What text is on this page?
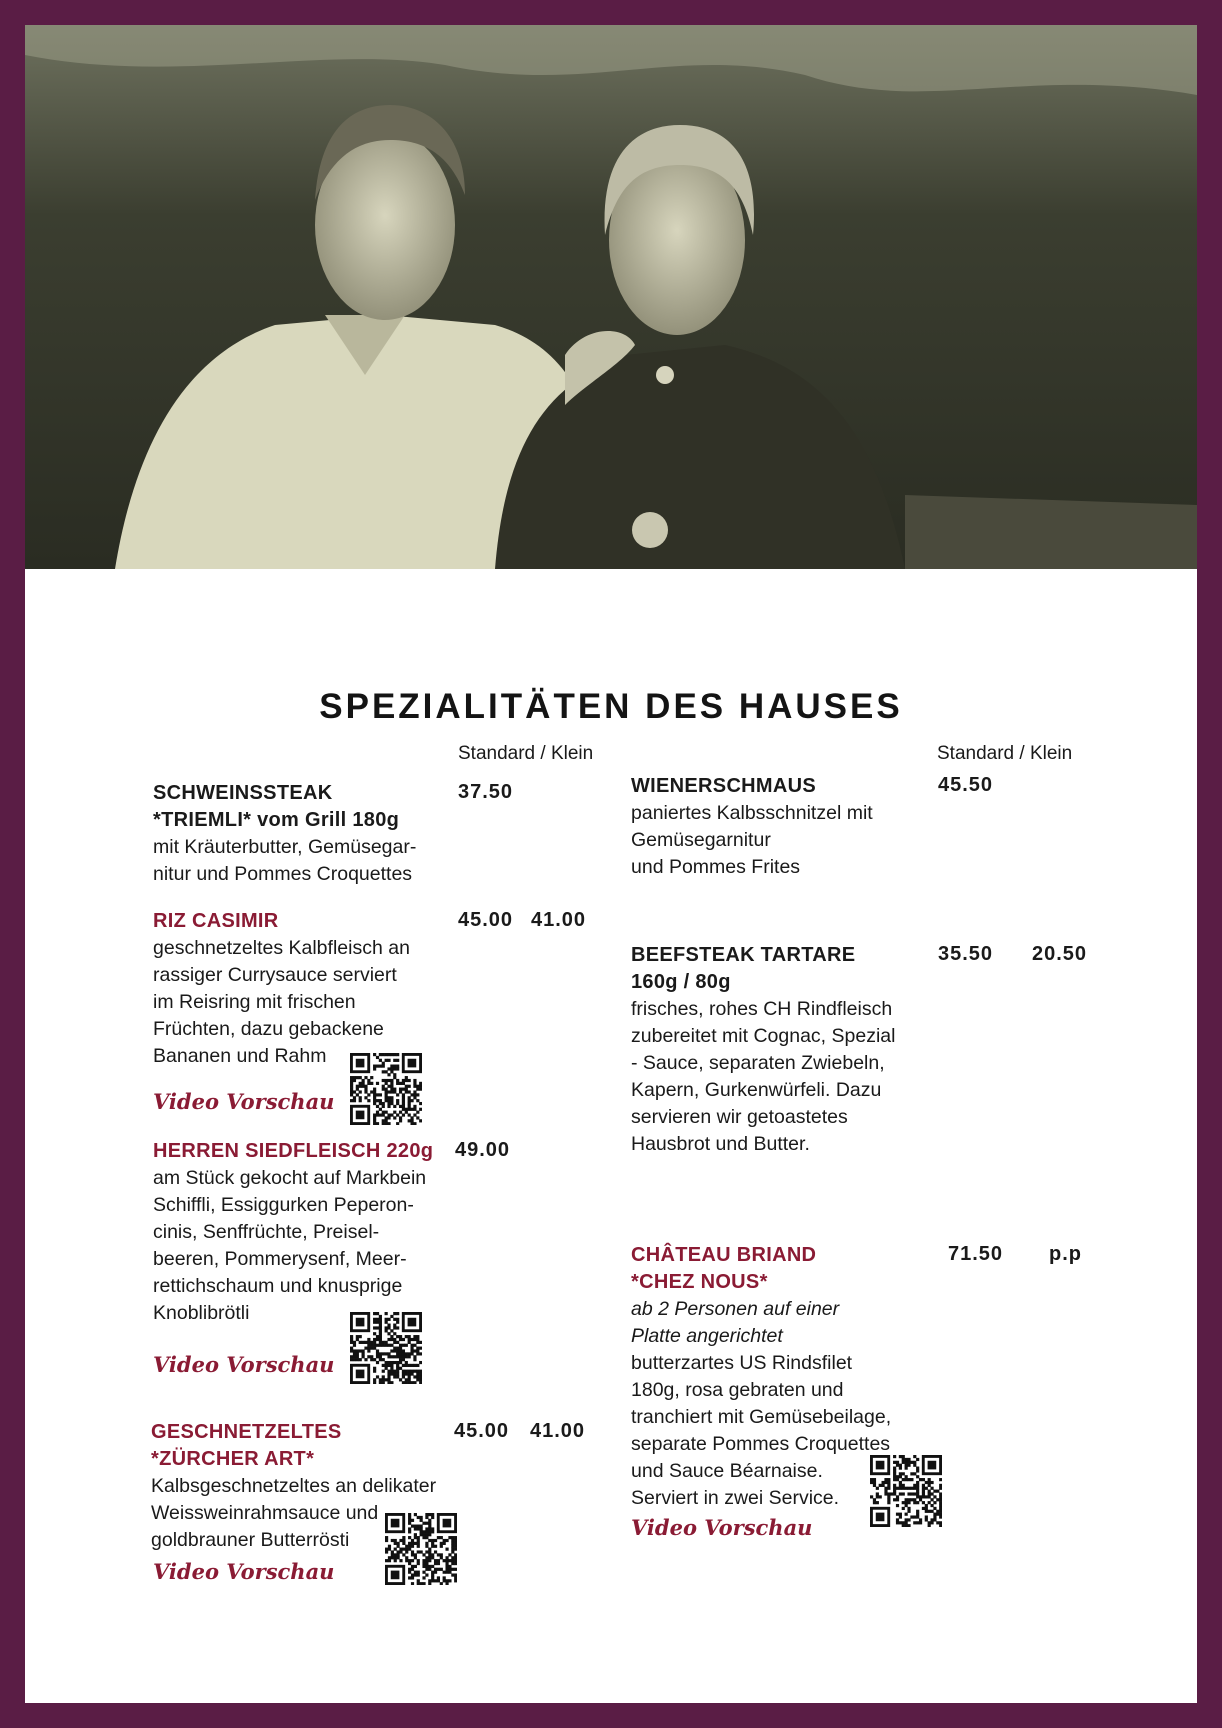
SPEZIALITÄTEN DES HAUSES
Standard / Klein	Standard / Klein
SCHWEINSSTEAK
*TRIEMLI* vom Grill 180g
37.50
mit Kräuterbutter, Gemüsegar-
nitur und Pommes Croquettes
RIZ CASIMIR	45.00 41.00
geschnetzeltes Kalbfleisch an
rassiger Currysauce serviert
im Reisring mit frischen
Früchten, dazu gebackene
Bananen und Rahm
Video Vorschau
HERREN SIEDFLEISCH 220g 49.00
am Stück gekocht auf Markbein
Schiffli, Essiggurken Peperon-
cinis, Senffrüchte, Preisel-
beeren, Pommerysenf, Meer-
rettichschaum und knusprige
Knoblibrötli
Video Vorschau
GESCHNETZELTES
*ZÜRCHER ART*
45.00 41.00
Kalbsgeschnetzeltes an delikater
Weissweinrahmsauce und
goldbrauner Butterrösti
Video Vorschau
WIENERSCHMAUS	45.50
paniertes Kalbsschnitzel mit
Gemüsegarnitur
und Pommes Frites
BEEFSTEAK TARTARE
160g / 80g
35.50 20.50
frisches, rohes CH Rindfleisch
zubereitet mit Cognac, Spezial
- Sauce, separaten Zwiebeln,
Kapern, Gurkenwürfeli. Dazu
servieren wir getoastetes
Hausbrot und Butter.
CHÂTEAU BRIAND
*CHEZ NOUS*
71.50 p.p
ab 2 Personen auf einer
Platte angerichtet
butterzartes US Rindsfilet
180g, rosa gebraten und
tranchiert mit Gemüsebeilage,
separate Pommes Croquettes
und Sauce Béarnaise.
Serviert in zwei Service.
Video Vorschau
